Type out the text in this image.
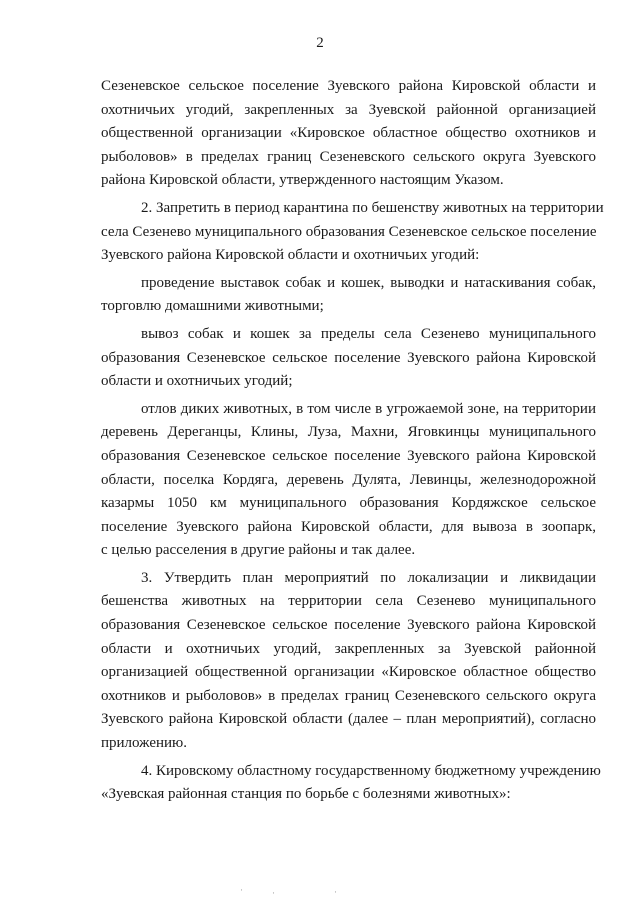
2

Сезеневское сельское поселение Зуевского района Кировской области и
охотничьих угодий, закрепленных за Зуевской районной организацией
общественной организации «Кировское областное общество охотников и
рыболовов» в пределах границ Сезеневского сельского округа Зуевского
района Кировской области, утвержденного настоящим Указом.

2. Запретить в период карантина по бешенству животных на территории
села Сезенево муниципального образования Сезеневское сельское поселение
Зуевского района Кировской области и охотничьих угодий:

проведение выставок собак и кошек, выводки и натаскивания собак,
торговлю домашними животными;

вывоз собак и кошек за пределы села Сезенево муниципального
образования Сезеневское сельское поселение Зуевского района Кировской
области и охотничьих угодий;

отлов диких животных, в том числе в угрожаемой зоне, на территории
деревень Дереганцы, Клины, Луза, Махни, Яговкинцы муниципального
образования Сезеневское сельское поселение Зуевского района Кировской
области, поселка Кордяга, деревень Дулята, Левинцы, железнодорожной
казармы 1050 км муниципального образования Кордяжское сельское
поселение Зуевского района Кировской области, для вывоза в зоопарк,
с целью расселения в другие районы и так далее.

3. Утвердить план мероприятий по локализации и ликвидации
бешенства животных на территории села Сезенево муниципального
образования Сезеневское сельское поселение Зуевского района Кировской
области и охотничьих угодий, закрепленных за Зуевской районной
организацией общественной организации «Кировское областное общество
охотников и рыболовов» в пределах границ Сезеневского сельского округа
Зуевского района Кировской области (далее – план мероприятий), согласно
приложению.

4. Кировскому областному государственному бюджетному учреждению
«Зуевская районная станция по борьбе с болезнями животных»:

·	·	·
